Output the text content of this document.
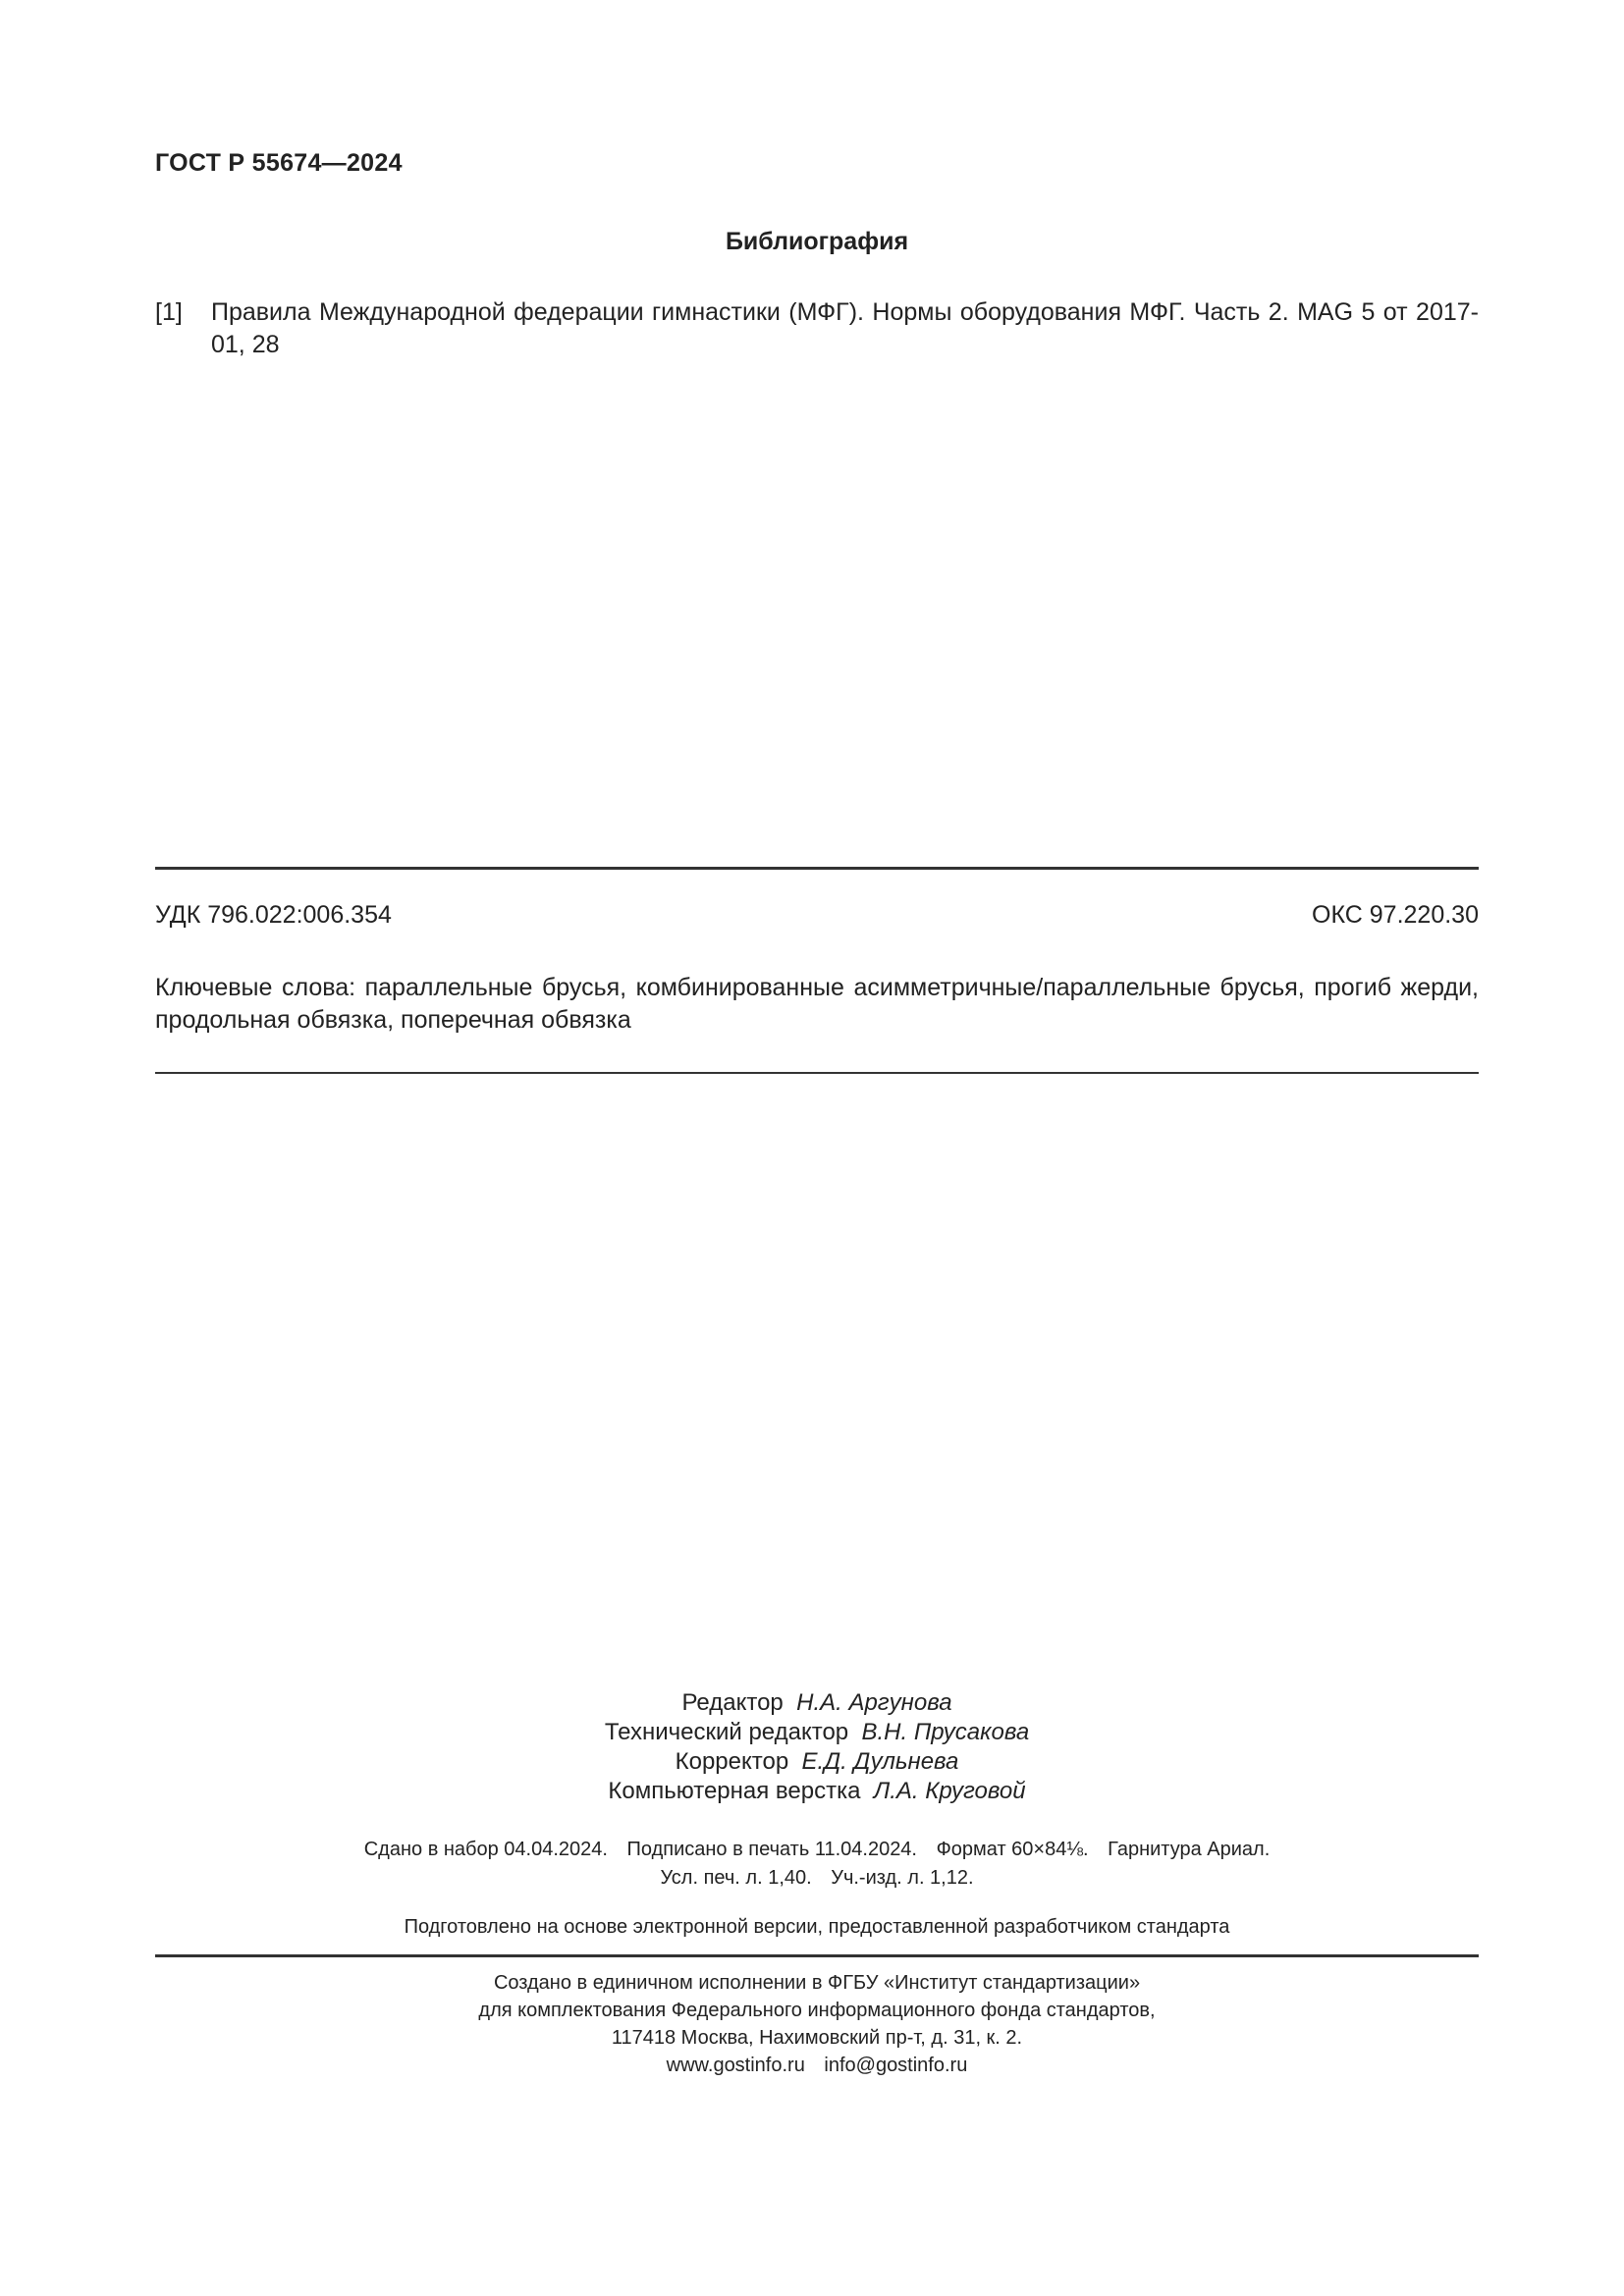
ГОСТ Р 55674—2024
Библиография
[1] Правила Международной федерации гимнастики (МФГ). Нормы оборудования МФГ. Часть 2. MAG 5 от 2017-01, 28
УДК 796.022:006.354	ОКС 97.220.30
Ключевые слова: параллельные брусья, комбинированные асимметричные/параллельные брусья, прогиб жерди, продольная обвязка, поперечная обвязка
Редактор Н.А. Аргунова
Технический редактор В.Н. Прусакова
Корректор Е.Д. Дульнева
Компьютерная верстка Л.А. Круговой
Сдано в набор 04.04.2024. Подписано в печать 11.04.2024. Формат 60×84⅛. Гарнитура Ариал.
Усл. печ. л. 1,40. Уч.-изд. л. 1,12.
Подготовлено на основе электронной версии, предоставленной разработчиком стандарта
Создано в единичном исполнении в ФГБУ «Институт стандартизации»
для комплектования Федерального информационного фонда стандартов,
117418 Москва, Нахимовский пр-т, д. 31, к. 2.
www.gostinfo.ru info@gostinfo.ru
